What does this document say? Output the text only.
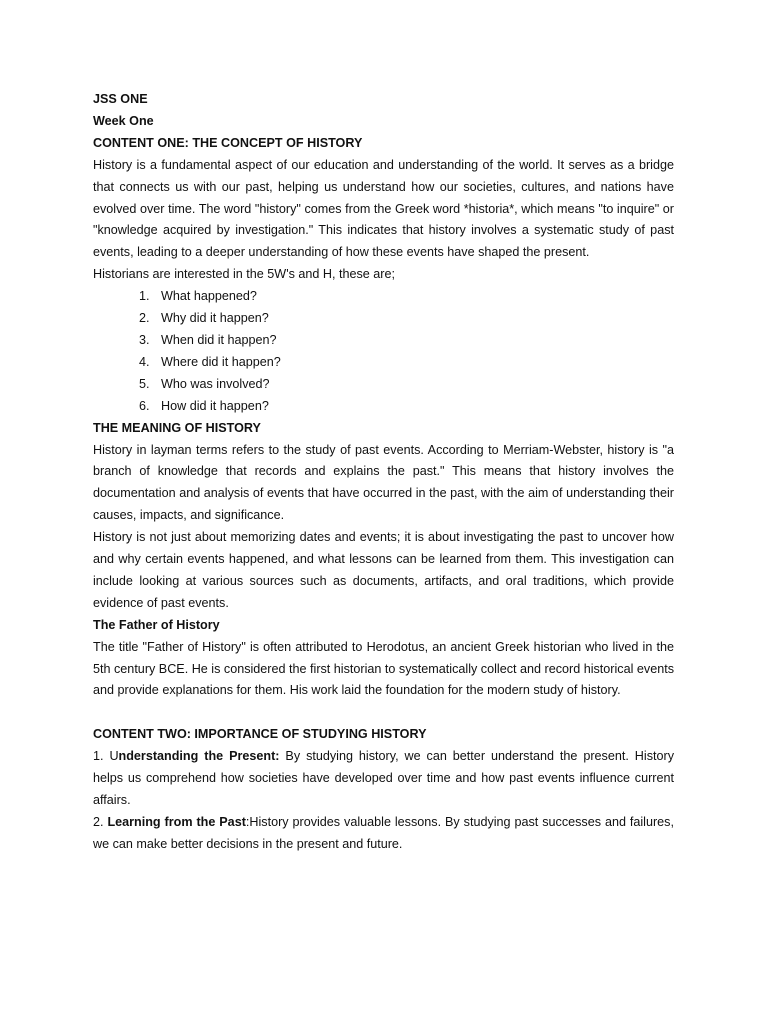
JSS ONE

Week One

CONTENT ONE: THE CONCEPT OF HISTORY

History is a fundamental aspect of our education and understanding of the world. It serves as a bridge that connects us with our past, helping us understand how our societies, cultures, and nations have evolved over time. The word "history" comes from the Greek word *historia*, which means "to inquire" or "knowledge acquired by investigation." This indicates that history involves a systematic study of past events, leading to a deeper understanding of how these events have shaped the present.

Historians are interested in the 5W's and H, these are;

1. What happened?
2. Why did it happen?
3. When did it happen?
4. Where did it happen?
5. Who was involved?
6. How did it happen?

THE MEANING OF HISTORY

History in layman terms refers to the study of past events. According to Merriam-Webster, history is "a branch of knowledge that records and explains the past." This means that history involves the documentation and analysis of events that have occurred in the past, with the aim of understanding their causes, impacts, and significance.

History is not just about memorizing dates and events; it is about investigating the past to uncover how and why certain events happened, and what lessons can be learned from them. This investigation can include looking at various sources such as documents, artifacts, and oral traditions, which provide evidence of past events.

The Father of History

The title "Father of History" is often attributed to Herodotus, an ancient Greek historian who lived in the 5th century BCE. He is considered the first historian to systematically collect and record historical events and provide explanations for them. His work laid the foundation for the modern study of history.

CONTENT TWO: IMPORTANCE OF STUDYING HISTORY

1. Understanding the Present: By studying history, we can better understand the present. History helps us comprehend how societies have developed over time and how past events influence current affairs.

2. Learning from the Past:History provides valuable lessons. By studying past successes and failures, we can make better decisions in the present and future.
